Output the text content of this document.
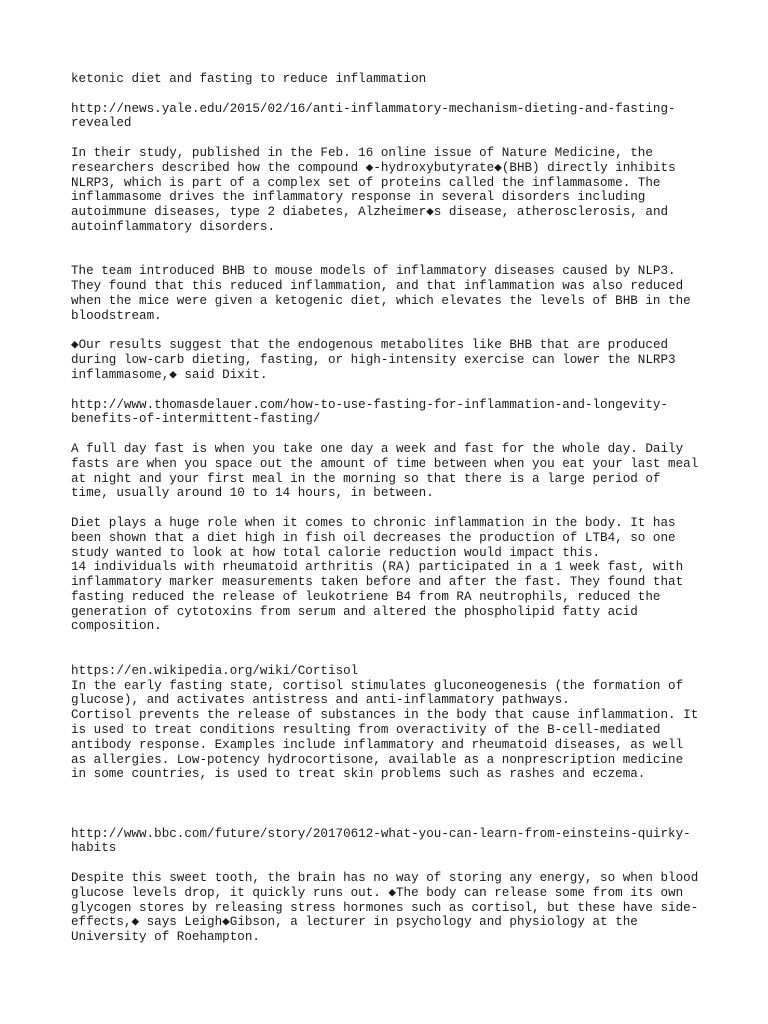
ketonic diet and fasting to reduce inflammation
http://news.yale.edu/2015/02/16/anti-inflammatory-mechanism-dieting-and-fasting-
revealed
In their study, published in the Feb. 16 online issue of Nature Medicine, the
researchers described how the compound ◆-hydroxybutyrate◆(BHB) directly inhibits
NLRP3, which is part of a complex set of proteins called the inflammasome. The
inflammasome drives the inflammatory response in several disorders including
autoimmune diseases, type 2 diabetes, Alzheimer◆s disease, atherosclerosis, and
autoinflammatory disorders.
The team introduced BHB to mouse models of inflammatory diseases caused by NLP3.
They found that this reduced inflammation, and that inflammation was also reduced
when the mice were given a ketogenic diet, which elevates the levels of BHB in the
bloodstream.
◆Our results suggest that the endogenous metabolites like BHB that are produced
during low-carb dieting, fasting, or high-intensity exercise can lower the NLRP3
inflammasome,◆ said Dixit.
http://www.thomasdelauer.com/how-to-use-fasting-for-inflammation-and-longevity-
benefits-of-intermittent-fasting/
A full day fast is when you take one day a week and fast for the whole day. Daily
fasts are when you space out the amount of time between when you eat your last meal
at night and your first meal in the morning so that there is a large period of
time, usually around 10 to 14 hours, in between.
Diet plays a huge role when it comes to chronic inflammation in the body. It has
been shown that a diet high in fish oil decreases the production of LTB4, so one
study wanted to look at how total calorie reduction would impact this.
14 individuals with rheumatoid arthritis (RA) participated in a 1 week fast, with
inflammatory marker measurements taken before and after the fast. They found that
fasting reduced the release of leukotriene B4 from RA neutrophils, reduced the
generation of cytotoxins from serum and altered the phospholipid fatty acid
composition.
https://en.wikipedia.org/wiki/Cortisol
In the early fasting state, cortisol stimulates gluconeogenesis (the formation of
glucose), and activates antistress and anti-inflammatory pathways.
Cortisol prevents the release of substances in the body that cause inflammation. It
is used to treat conditions resulting from overactivity of the B-cell-mediated
antibody response. Examples include inflammatory and rheumatoid diseases, as well
as allergies. Low-potency hydrocortisone, available as a nonprescription medicine
in some countries, is used to treat skin problems such as rashes and eczema.
http://www.bbc.com/future/story/20170612-what-you-can-learn-from-einsteins-quirky-
habits
Despite this sweet tooth, the brain has no way of storing any energy, so when blood
glucose levels drop, it quickly runs out. ◆The body can release some from its own
glycogen stores by releasing stress hormones such as cortisol, but these have side-
effects,◆ says Leigh◆Gibson, a lecturer in psychology and physiology at the
University of Roehampton.
